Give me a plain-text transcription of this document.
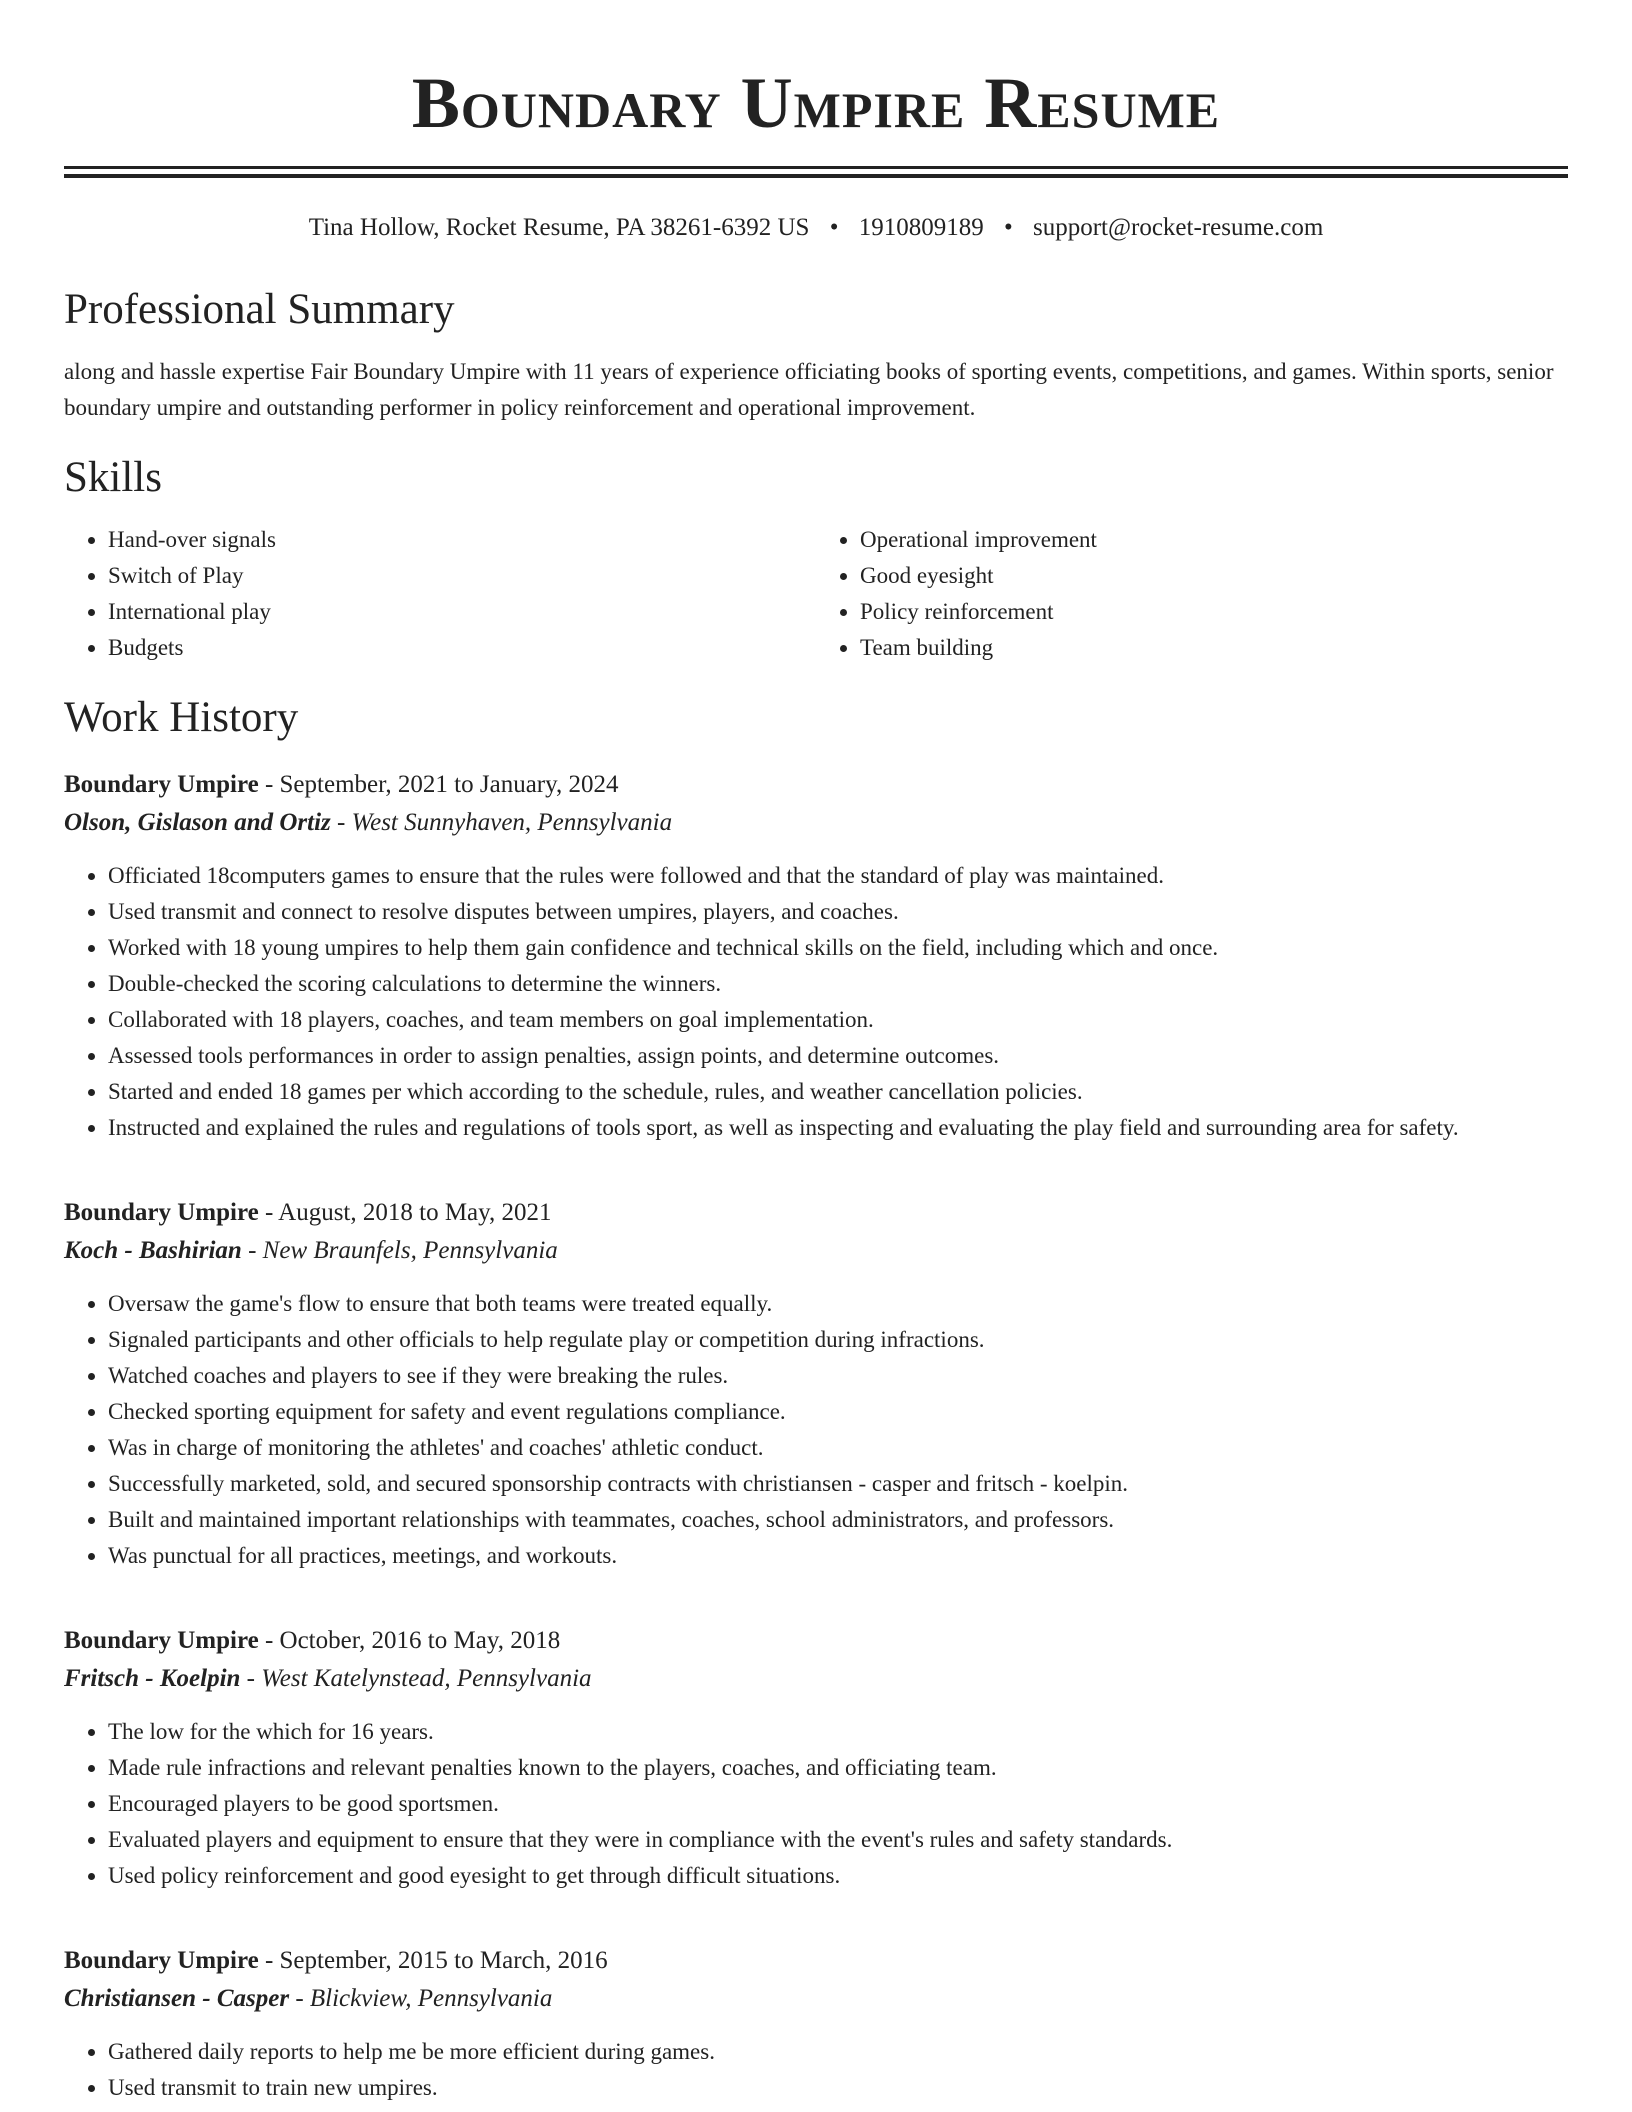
Boundary Umpire Resume
Tina Hollow, Rocket Resume, PA 38261-6392 US • 1910809189 • support@rocket-resume.com
Professional Summary

along and hassle expertise Fair Boundary Umpire with 11 years of experience officiating books of sporting events, competitions, and games. Within sports, senior boundary umpire and outstanding performer in policy reinforcement and operational improvement.

Skills
• Hand-over signals
• Switch of Play
• International play
• Budgets
• Operational improvement
• Good eyesight
• Policy reinforcement
• Team building
Work History
Boundary Umpire - September, 2021 to January, 2024
Olson, Gislason and Ortiz - West Sunnyhaven, Pennsylvania
• Officiated 18computers games to ensure that the rules were followed and that the standard of play was maintained.
• Used transmit and connect to resolve disputes between umpires, players, and coaches.
• Worked with 18 young umpires to help them gain confidence and technical skills on the field, including which and once.
• Double-checked the scoring calculations to determine the winners.
• Collaborated with 18 players, coaches, and team members on goal implementation.
• Assessed tools performances in order to assign penalties, assign points, and determine outcomes.
• Started and ended 18 games per which according to the schedule, rules, and weather cancellation policies.
• Instructed and explained the rules and regulations of tools sport, as well as inspecting and evaluating the play field and surrounding area for safety.
Boundary Umpire - August, 2018 to May, 2021
Koch - Bashirian - New Braunfels, Pennsylvania
• Oversaw the game's flow to ensure that both teams were treated equally.
• Signaled participants and other officials to help regulate play or competition during infractions.
• Watched coaches and players to see if they were breaking the rules.
• Checked sporting equipment for safety and event regulations compliance.
• Was in charge of monitoring the athletes' and coaches' athletic conduct.
• Successfully marketed, sold, and secured sponsorship contracts with christiansen - casper and fritsch - koelpin.
• Built and maintained important relationships with teammates, coaches, school administrators, and professors.
• Was punctual for all practices, meetings, and workouts.
Boundary Umpire - October, 2016 to May, 2018
Fritsch - Koelpin - West Katelynstead, Pennsylvania
• The low for the which for 16 years.
• Made rule infractions and relevant penalties known to the players, coaches, and officiating team.
• Encouraged players to be good sportsmen.
• Evaluated players and equipment to ensure that they were in compliance with the event's rules and safety standards.
• Used policy reinforcement and good eyesight to get through difficult situations.
Boundary Umpire - September, 2015 to March, 2016
Christiansen - Casper - Blickview, Pennsylvania
• Gathered daily reports to help me be more efficient during games.
• Used transmit to train new umpires.
